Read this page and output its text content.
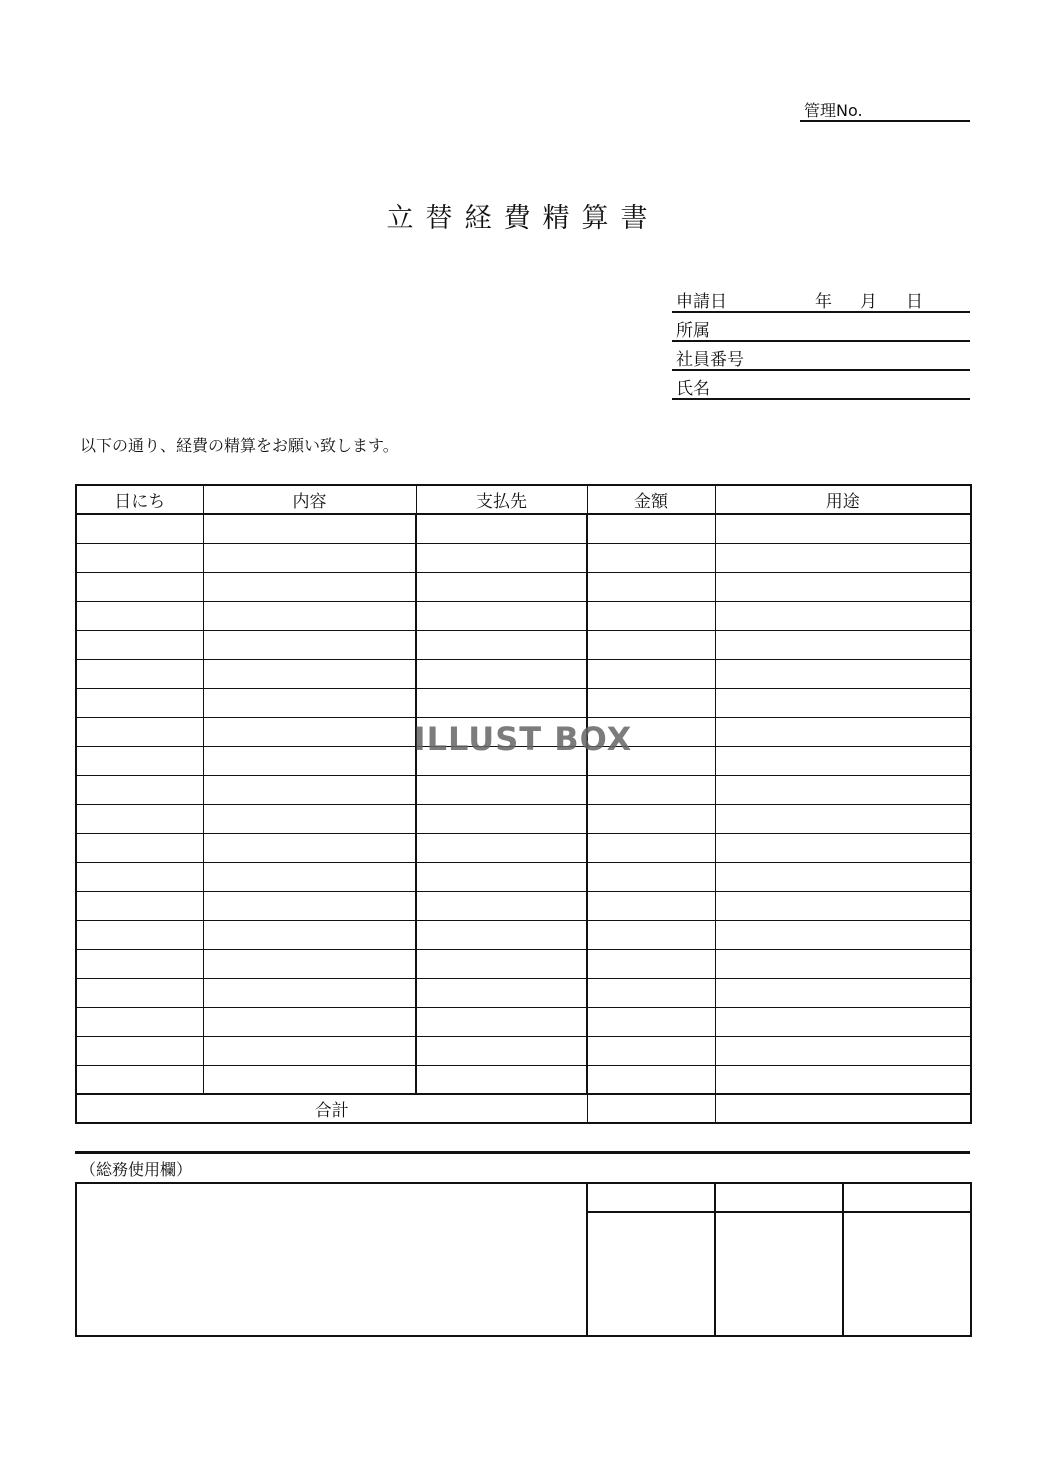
管理No.
立替経費精算書
申請日	年 月 日
所属
社員番号
氏名
以下の通り、経費の精算をお願い致します。
日にち	内容	支払先	金額	用途

合計				
（総務使用欄）

ILLUST BOX
